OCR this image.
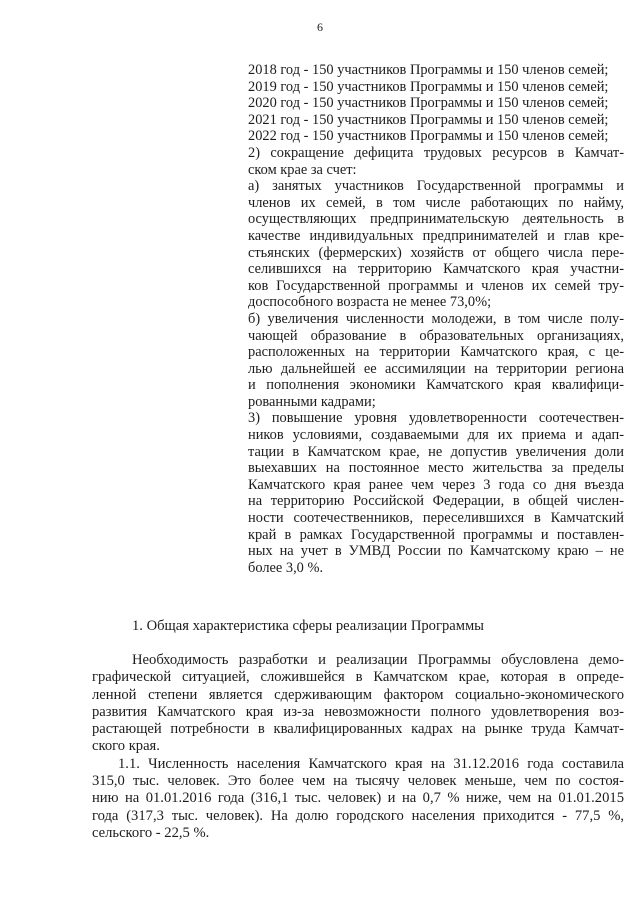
6
2018 год - 150 участников Программы и 150 членов семей;
2019 год - 150 участников Программы и 150 членов семей;
2020 год - 150 участников Программы и 150 членов семей;
2021 год - 150 участников Программы и 150 членов семей;
2022 год - 150 участников Программы и 150 членов семей;
2) сокращение дефицита трудовых ресурсов в Камчат-
ском крае за счет:
а) занятых участников Государственной программы и
членов их семей, в том числе работающих по найму,
осуществляющих предпринимательскую деятельность в
качестве индивидуальных предпринимателей и глав кре-
стьянских (фермерских) хозяйств от общего числа пере-
селившихся на территорию Камчатского края участни-
ков Государственной программы и членов их семей тру-
доспособного возраста не менее 73,0%;
б) увеличения численности молодежи, в том числе полу-
чающей образование в образовательных организациях,
расположенных на территории Камчатского края, с це-
лью дальнейшей ее ассимиляции на территории региона
и пополнения экономики Камчатского края квалифици-
рованными кадрами;
3) повышение уровня удовлетворенности соотечествен-
ников условиями, создаваемыми для их приема и адап-
тации в Камчатском крае, не допустив увеличения доли
выехавших на постоянное место жительства за пределы
Камчатского края ранее чем через 3 года со дня въезда
на территорию Российской Федерации, в общей числен-
ности соотечественников, переселившихся в Камчатский
край в рамках Государственной программы и поставлен-
ных на учет в УМВД России по Камчатскому краю – не
более 3,0 %.
1. Общая характеристика сферы реализации Программы
Необходимость разработки и реализации Программы обусловлена демо-
графической ситуацией, сложившейся в Камчатском крае, которая в опреде-
ленной степени является сдерживающим фактором социально-экономического
развития Камчатского края из-за невозможности полного удовлетворения воз-
растающей потребности в квалифицированных кадрах на рынке труда Камчат-
ского края.
1.1. Численность населения Камчатского края на 31.12.2016 года составила
315,0 тыс. человек. Это более чем на тысячу человек меньше, чем по состоя-
нию на 01.01.2016 года (316,1 тыс. человек) и на 0,7 % ниже, чем на 01.01.2015
года (317,3 тыс. человек). На долю городского населения приходится - 77,5 %,
сельского - 22,5 %.
